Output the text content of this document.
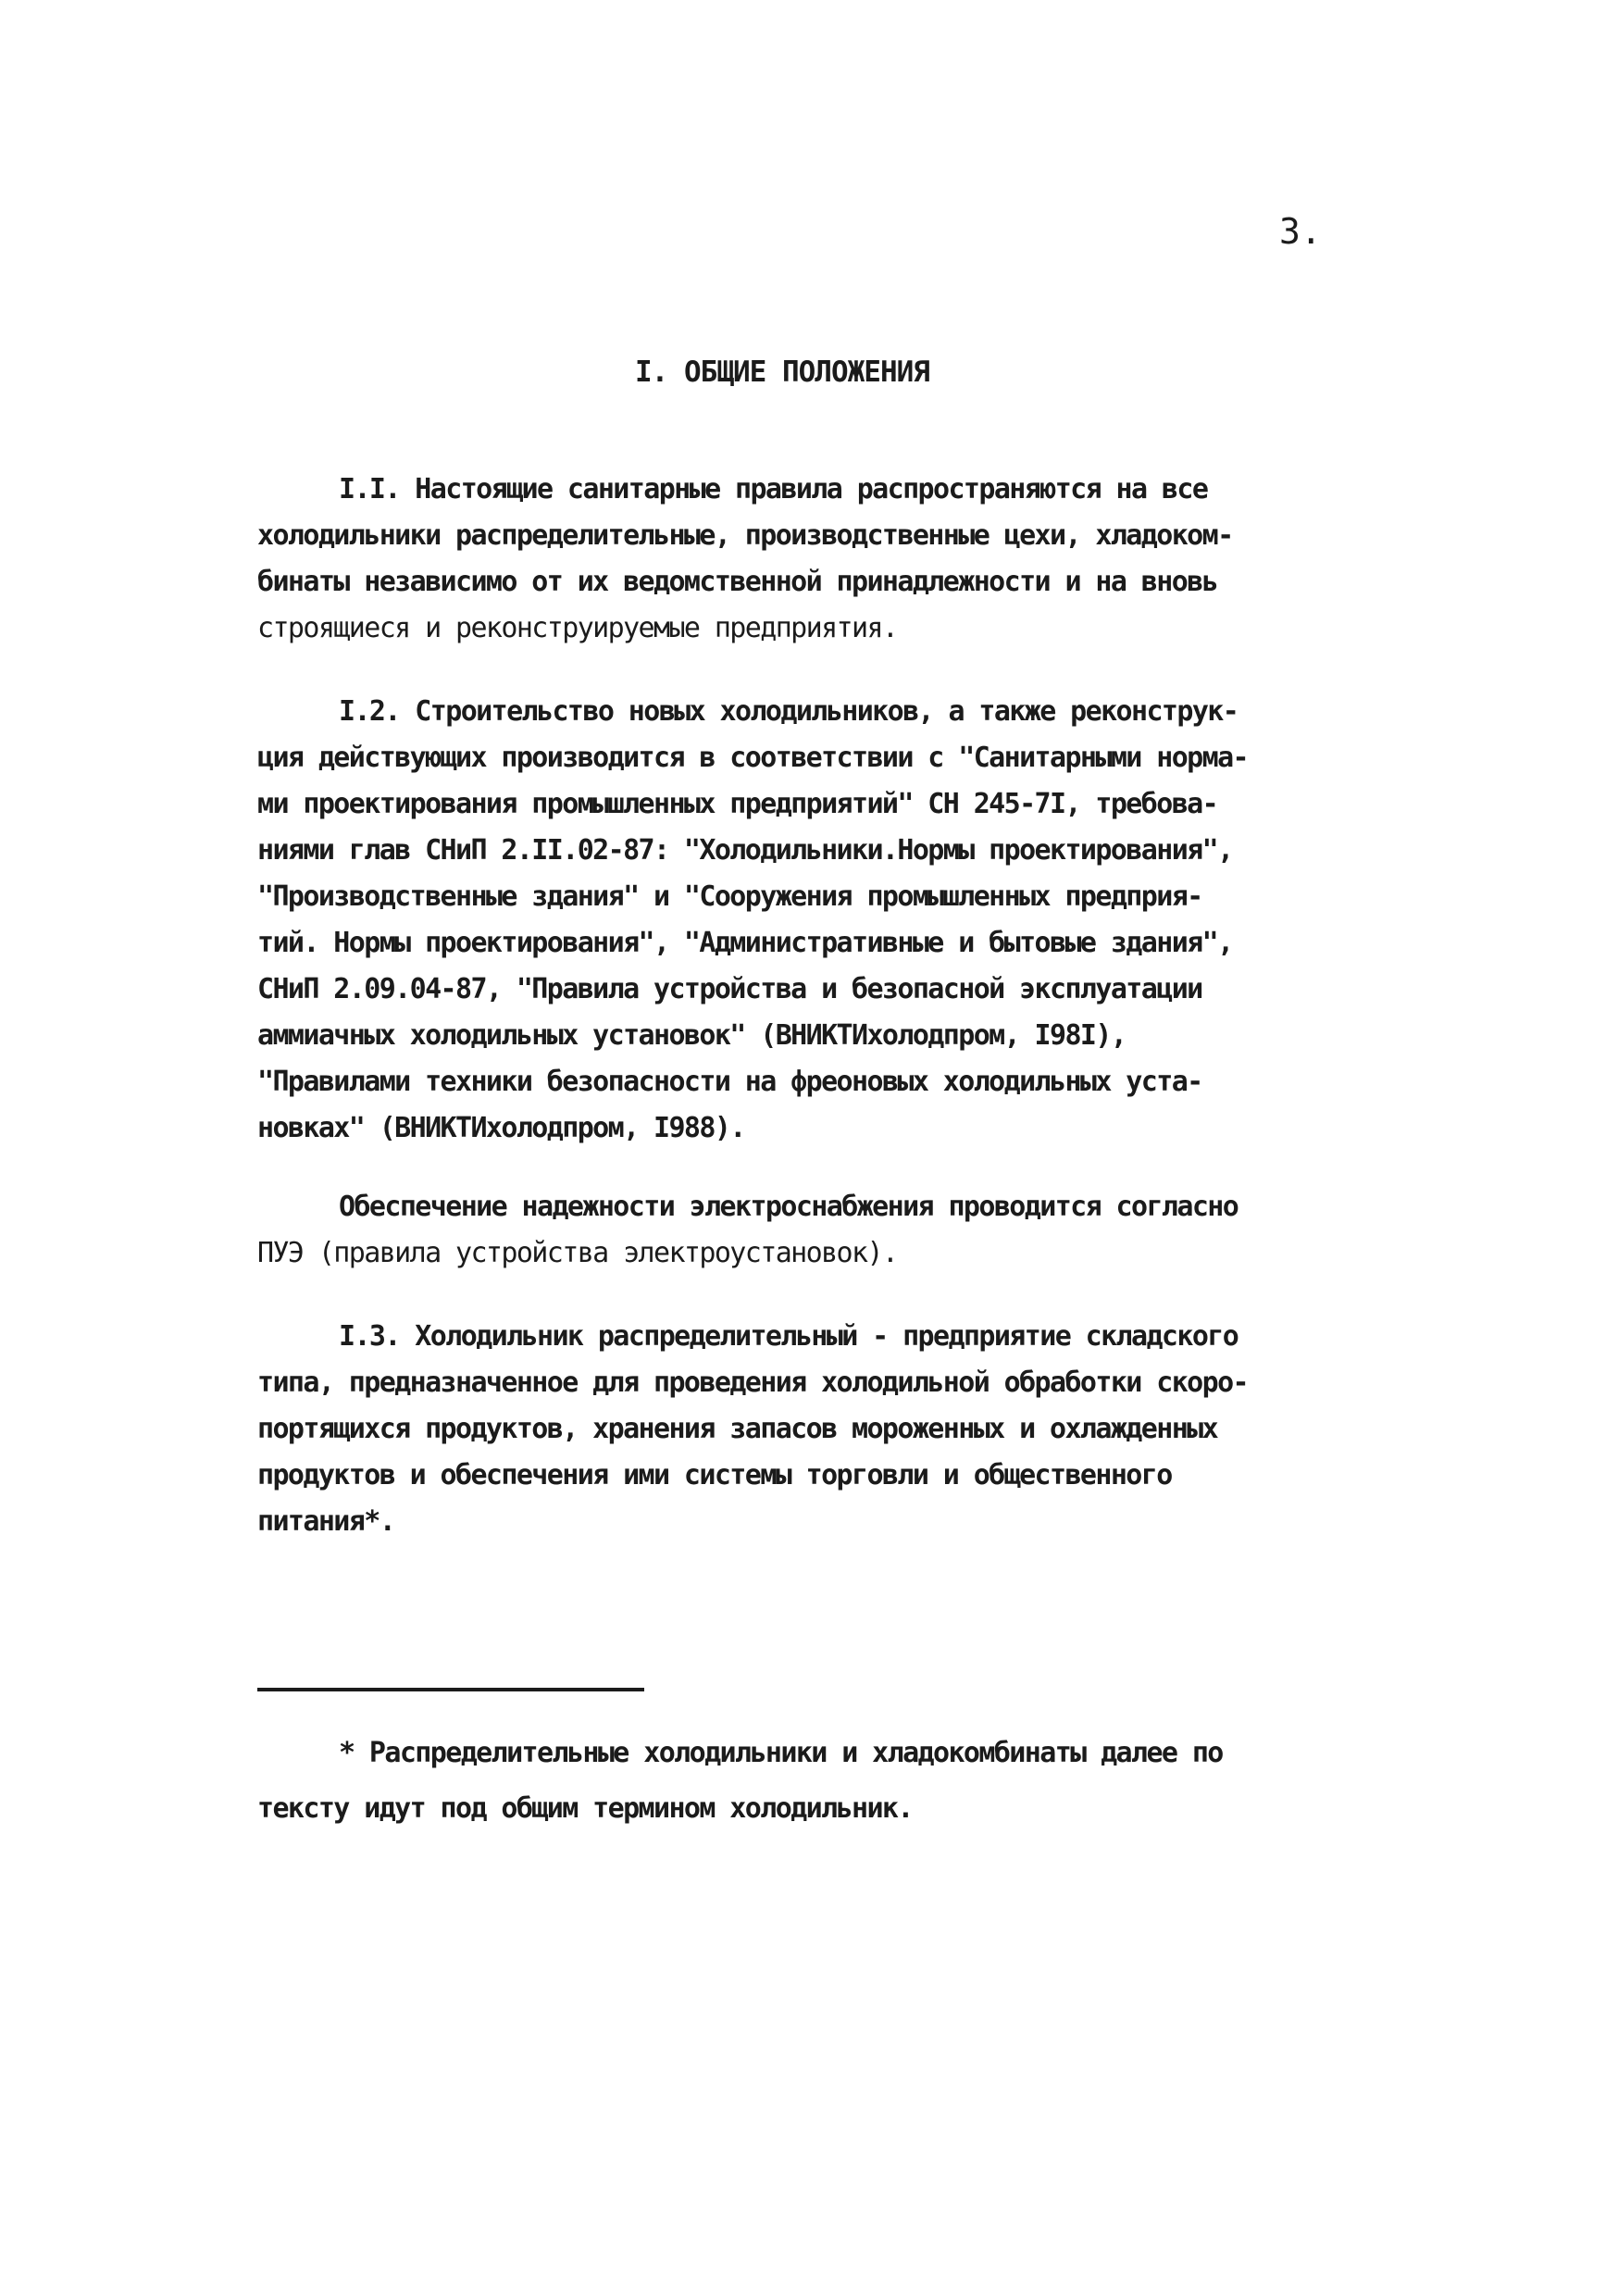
3.
I. ОБЩИЕ ПОЛОЖЕНИЯ
I.I. Настоящие санитарные правила распространяются на все
холодильники распределительные, производственные цехи, хладоком-
бинаты независимо от их ведомственной принадлежности и на вновь
строящиеся и реконструируемые предприятия.
I.2. Строительство новых холодильников, а также реконструк-
ция действующих производится в соответствии с "Санитарными норма-
ми проектирования промышленных предприятий" СН 245-7I, требова-
ниями глав СНиП 2.II.02-87: "Холодильники.Нормы проектирования",
"Производственные здания" и "Сооружения промышленных предприя-
тий. Нормы проектирования", "Административные и бытовые здания",
СНиП 2.09.04-87, "Правила устройства и безопасной эксплуатации
аммиачных холодильных установок" (ВНИКТИхолодпром, I98I),
"Правилами техники безопасности на фреоновых холодильных уста-
новках" (ВНИКТИхолодпром, I988).
Обеспечение надежности электроснабжения проводится согласно
ПУЭ (правила устройства электроустановок).
I.3. Холодильник распределительный - предприятие складского
типа, предназначенное для проведения холодильной обработки скоро-
портящихся продуктов, хранения запасов мороженных и охлажденных
продуктов и обеспечения ими системы торговли и общественного
питания*.
* Распределительные холодильники и хладокомбинаты далее по
тексту идут под общим термином холодильник.
